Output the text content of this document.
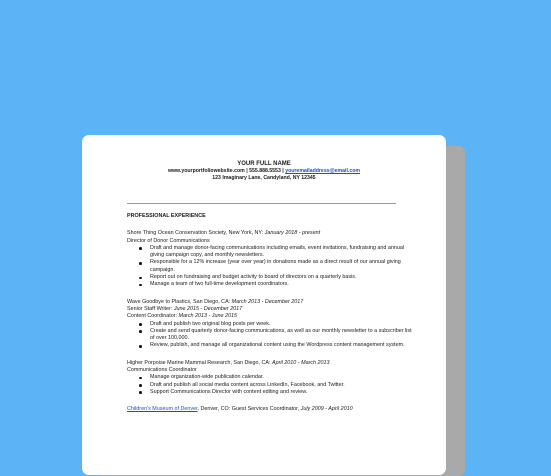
YOUR FULL NAME
www.yourportfoliowebsite.com | 555.888.5553 | youremailaddress@email.com
123 Imaginary Lane, Candyland, NY 12345
PROFESSIONAL EXPERIENCE
Shore Thing Ocean Conservation Society, New York, NY: January 2018 - present
Director of Donor Communications
Draft and manage donor-facing communications including emails, event invitations, fundraising and annual giving campaign copy, and monthly newsletters.
Responsible for a 12% increase (year over year) in donations made as a direct result of our annual giving campaign.
Report out on fundraising and budget activity to board of directors on a quarterly basis.
Manage a team of two full-time development coordinators.
Wave Goodbye to Plastics, San Diego, CA: March 2013 - December 2017
Senior Staff Writer: June 2015 - December 2017
Content Coordinator: March 2013 - June 2015
Draft and publish two original blog posts per week.
Create and send quarterly donor-facing communications, as well as our monthly newsletter to a subscriber list of over 100,000.
Review, publish, and manage all organizational content using the Wordpress content management system.
Higher Porpoise Marine Mammal Research, San Diego, CA: April 2010 - March 2013
Communications Coordinator
Manage organization-wide publication calendar.
Draft and publish all social media content across LinkedIn, Facebook, and Twitter.
Support Communications Director with content editing and review.
Children's Museum of Denver, Denver, CO: Guest Services Coordinator, July 2009 - April 2010
